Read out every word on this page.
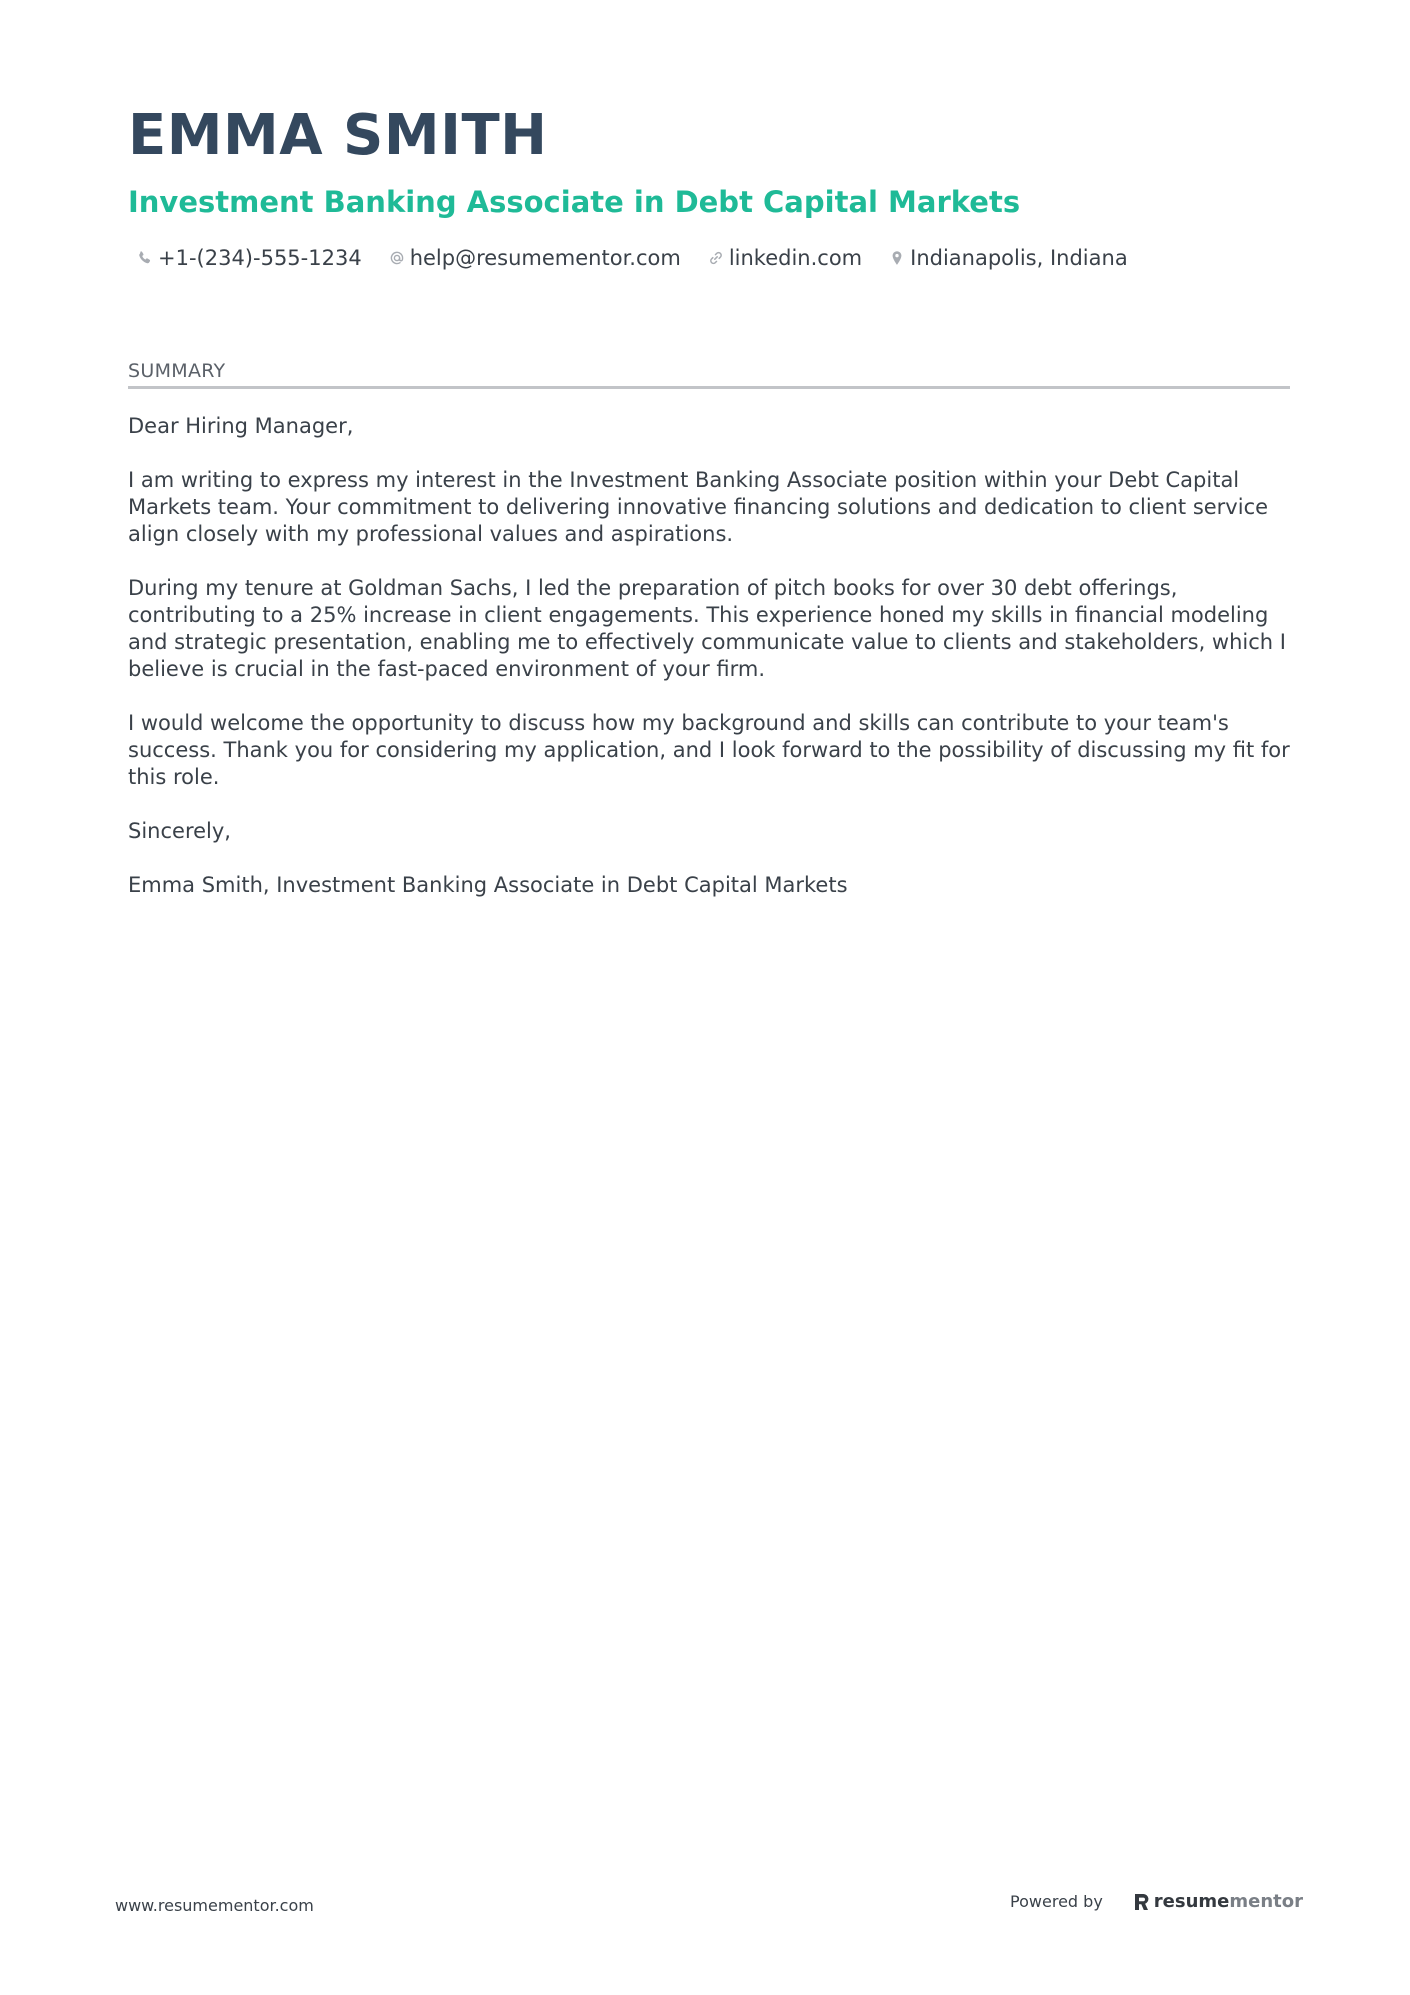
EMMA SMITH
Investment Banking Associate in Debt Capital Markets
+1-(234)-555-1234 help@resumementor.com linkedin.com Indianapolis, Indiana
SUMMARY

Dear Hiring Manager,

I am writing to express my interest in the Investment Banking Associate position within your Debt Capital Markets team. Your commitment to delivering innovative financing solutions and dedication to client service align closely with my professional values and aspirations.

During my tenure at Goldman Sachs, I led the preparation of pitch books for over 30 debt offerings, contributing to a 25% increase in client engagements. This experience honed my skills in financial modeling and strategic presentation, enabling me to effectively communicate value to clients and stakeholders, which I believe is crucial in the fast-paced environment of your firm.

I would welcome the opportunity to discuss how my background and skills can contribute to your team's success. Thank you for considering my application, and I look forward to the possibility of discussing my fit for this role.

Sincerely,

Emma Smith, Investment Banking Associate in Debt Capital Markets

www.resumementor.com	Powered by	resume mentor
